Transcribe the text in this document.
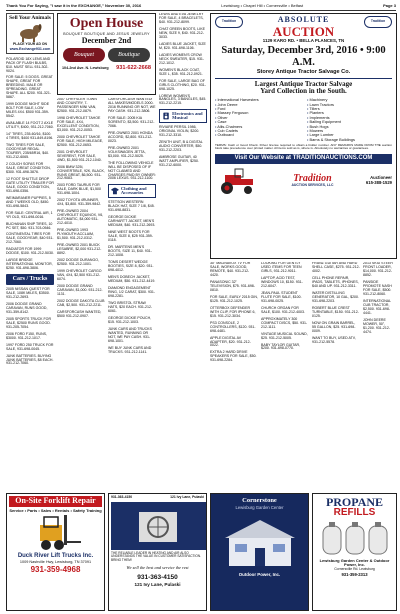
Thank You For Saying, "I saw it in the EXCHANGE," November 30, 2016	Lewisburg • Chapel Hill • Cornersville • Belfast	Page 3
Sell Your Animals
PLACE YOUR AD ON
www.Exchange931.com

POLAROID 18X LENS AND PACK OF FLASH BULBS, $10. MUST SELL 931-302-9024.

FOR SALE: 5 DOGS. GREAT SHAPE, GREAT FOR BREEDING. MALE OR SPREADING. GREAT SHAPE. ALL $200. 931-321-5867.

1999 DODGE NIGHT SIDE BOLT FOR SALE, LOW MILES 4X4. $500 931-359-5542.

AVAILABLE 14 FOOT 2 AXLE UTILITY, $400, 931-212-7060.

14" TIRES, 235-60/16, $100. 4 TIRES, $400 931-849-8196.

TWO TIRES FOR SALE, GOODYEAR REGAL TOURER, 235/65R16, $40. 931-212-6065.

2 COUCH SOFAS FOR SALE, GREAT CONDITION, $300. 931-698-3876.

12 FOOT SHUTTLE DROP GATE UTILITY TRAILER FOR SALE, GOOD CONDITION, 931-698-0356.

WEIMARANER PUPPIES, 5 AND 7 WEEKS OLD, $450. 931-698-5843.

FOR SALE: CENTRAL AIR, 1 YR OLD, 931-698-0016.

BUCHANAN SNIP TIRES, 10 PC SET, $50. 931-703-0546.

CONTINENTAL TIRES FOR SALE, GOODYEAR, $40 931-212-7060.

RADIATOR FOR 1999 DODGE, $100. 931-212-5030.

LARGE BRIDGE INTERNATIONAL MONITOR, $250. 931-698-3806.

Cars / Trucks

2005 NISSAN QUEST FOR SALE, 108K MILES, $3500. 931-212-2693.

2006 DODGE GRAND CARAVAN, RUNS GOOD, 931-359-8142.

2005 SPORTS TRUCK FOR SALE, $2500 RUNS GOOD. 931-205-7054.

2006 FORD F150, RUNS, $3000. 931-212-1017.

1997 FORD 250 TRUCK FOR SALE, 931-698-0045.

JUNK BATTERIES. BUYING JUNK BATTERIES, $8 EACH. 931-212-7060.

Open House
BOUQUET BOUTIQUE AND JESUS JEWELRY
December 2nd
Bouquet	Boutique
104-2nd Ave. N. Lewisburg 931-622-2668

2007 CHRYSLER TOWN AND COUNTRY, 7-PASSENGER MINI VAN, $2500. 931-212-0879.

1998 CHEVROLET TAHOE FOR SALE, 4X4, EXCELLENT CONDITION, $3,000. 931-212-0053.

2000 CHEVROLET TAHOE FOR SALE, HIGH MILEAGE, $2500. 931-212-0653.

2001 CHEVROLET SEVERENT, FOR SALE, 4WD, $1,500 931-212-1040.

2006 BMW 325I, CONVERTIBLE, 92K, BLACK, RUNS GREAT, $6,500. 931-212-9083.

2003 FORD TAURUS FOR SALE, DARK BLUE, $1,500 931-698-1004.

2002 TOYOTA 4RUNNER, 4X4, $3,800. 931-359-9842.

PRE-OWNED 2004 CHEVROLET EQUINOX, V6, AUTOMATIC, $4,000 931-212-4010.

PRE-OWNED 1993 PLYMOUTH ACCLAIM, $1,500. 931-212-0312.

PRE-OWNED 2001 BUICK LESABRE, $2,000 931-212-8892.

2002 DODGE DURANGO, $2500. 931-212-1001.

1999 CHEVROLET CARGO VAN, 4X4, $2,500 931-212-6074.

2000 DODGE GRAND CARAVAN, $1,000. 931-212-1131.

2002 DODGE DAKOTA CLUB CAB, $2,500. 931-212-2211.

CARSFORCASH WANTED, $500 931-212-0907.

CARSFORCASH WANTED! ALL MAKES/MODELS 2000-2016 RUNNING OR NOT, WE PAY CASH. 931-212-3806.

FOR SALE: 2005 KIA SORENTO, $3,500. 931-212-7066.

PRE-OWNED 2001 HONDA ACCORD, $2,800. 931-212-0023.

PRE-OWNED 2001 VOLKSWAGEN JETTA, $3,000. 931-212-5025.

THE FOLLOWING VEHICLE WILL BE DISPOSED OF IF NOT CLAIMED AND CHARGES PAID BY OWNER: 2006 LEXUS. 931-212-1100.

Clothing and Accessories

STETSON WESTERN BLACK HAT, SIZE 7 1/8, $45. 931-698-8831.

GEORGE DICKIE CARHARTT JACKET, MEN'S MEDIUM, $40. 931-212-2693.

NINE WEST BOOTS FOR SALE, SIZE 8, $25 931-359-0118.

DR. MARTENS MEN'S BOOTS, SIZE 11, $40. 931-212-1008.

TOMS DESERT WEDGE BOOTIES, SIZE 8, $20. 931-698-4012.

MEN'S DOBECH JACKET, MEDIUM, $50. 931-212-4419.

DIAMOND ENGAGEMENT RING, 1/2 CARAT, $300. 931-698-2281.

TWO BRISTOL STRAW HATS, $20 EACH. 931-212-6061.

GEORGE DICKIE POUCH, $15. 931-212-1003.

JUNK CARS AND TRUCKS WANTED, RUNNING OR NOT, WE PAY CASH. 931-698-1001.

WE BUY JUNK CARS AND TRUCKS. 931-212-1141.

LEWIS AND EVA JEWELRY FOR SALE, 4 BRACELETS, $40. 931-212-8099.

CHAT GREEN BOOTS, LIKE NEW, SIZE 9, $40. 931-212-3033.

LADIES BLUE JACKET, SIZE M, $20. 931-698-1106.

LADIES WOMEN'S CROW NECK SWEATER, $15. 931-212-1012.

WOMEN'S BLACK COAT, SIZE L, $35. 931-212-0921.

FOR SALE, LARGE BAG OF GIRLS CLOTHING, $20. 931-698-1025.

LOREW WOMEN'S BANGLES, 3 BANGLES, $45. 931-212-2215.

Electronics and Musical

RIVIARE PERSIL 1986, ORIGINAL VIOLIN, $200. 931-212-3310.

ZENITH UNIT, B & DIGITAL AUDIO CONVERTER, $50. 931-212-2203.

AMBROSE GUITAR, 40 WATT AMPLIFIER, $250. 931-212-6000.

Tradition	ABSOLUTE
AUCTION
Tradition
1129 KARO RD. • BELLA PLANCES, TN
Saturday, December 3rd, 2016 • 9:00 A.M.
Storey Antique Tractor Salvage Co.
Largest Antique Tractor Salvage
Yard Collection in the South.
• International Harvesters
• John Deere
• Ford
• Massey Ferguson
• Oliver
• Case
• Allis-Chalmers
• Cub Cadets
• Outboard
• Machinery
• Lawn Tractors
• Tillers
• Planters
• Implements
• Bailing Equipment
• Bush Hogs
• Mowers
• Large Lumber
• Barns & Storage Buildings
TERMS: Cash or Good Check. Driver license required to obtain a bidder number. ANY REMARKS MADE FROM THE auction block take precedence over printed matter. All items sold as is, where is. Absolutely no warranties or guarantees.
Visit Our Website at TRADITIONAUCTIONS.COM
Tradition
AUCTION SERVICES, LLC
Auctioneer
615-388-1529

30" MAGNAVOX TV FOR SALE, WORKS GOOD, REMOTE, $40. 931-212-4420.

PANASONIC 32" TELEVISION, $75. 931-698-0810.

FOR SALE, EARLY 2015 GIN, $125. 931-212-1025.

OTTERBOX DEFENDER WITH CLIP, FOR IPHONE 6, $15. 931-212-3034.

PS3 CONSOLE, 2 CONTROLLERS, $120. 931-698-4481.

APPLE DIGITAL AV ADAPTER, $20. 931-212-0022.

EXTRA 2 HARD DRIVE SPEAKERS FOR SALE, $50. 931-698-2284.

LOOKING FOR GENTLY USED ITEMS FOR TEEN GIRLS, 931-212-9011.

LAPTOP, ACID TEST, WINDOWS 10, $150. 931-212-6047.

JEAN-PAUL STUDENT FLUTE FOR SALE, $100. 931-698-0025.

CHURCH ORGAN FOR SALE, $100. 931-212-4003.

APPROXIMATELY 300 COMPACT DISCS, $50. 931-212-1111.

VINTAGE MUSICAL SOUND, $25. 931-212-5005.

BABY TAYLOR GUITAR, $200. 931-698-0770.

FRANZ GUITAR AND HARD SHELL CASE, $275. 931-212-4002.

CELL PHONE REPAIR, IPADS, TABLETS, IPHONES, $40 AND UP. 931-212-3311.

WATER DISTILLING GENERATOR, 10 GAL, $200. 931-698-2203.

ROBERT BLUE CREST TURNTABLE, $150. 931-212-0125.

NOW ON GRAIN BARREL, 55 GALLON, $25. 931-698-0009.

WANT TO BUY, USED ATV, 931-212-5578.

2013 SKID STEER FRONT LOADER, $14,000. 931-212-8852.

PANSIDE PROMOTE NASH FOR SALE, $500. 931-212-8060.

INTERNATIONAL CUB TRACTOR, $2,500. 931-698-4441.

JOHN DEERE MOWER, 50", $1,200. 931-212-4474.

On-Site Forklift Repair
Service • Parts • Sales • Rentals • Safety Training
Duck River Lift Trucks Inc.
1009 Nashville Hwy, Lewisburg, TN 37091
931-359-4968
931-363-4150	121 Ivy Lane, Pulaski
THE RELIABLE LEADER IN HEATING AND AIR ALSO UNDERSTANDS THE VALUE IN CUSTOMER SATISFACTION. BRING THEM!
We sell the best and service the rest
931-363-4150
121 Ivy Lane, Pulaski
Cornerstone
Lewisburg Garden Center
Outdoor Power, Inc.
PROPANE
REFILLS
Lewisburg Garden Center & Outdoor Power, Inc.
Cornersville Rd. Lewisburg
931-359-2313
